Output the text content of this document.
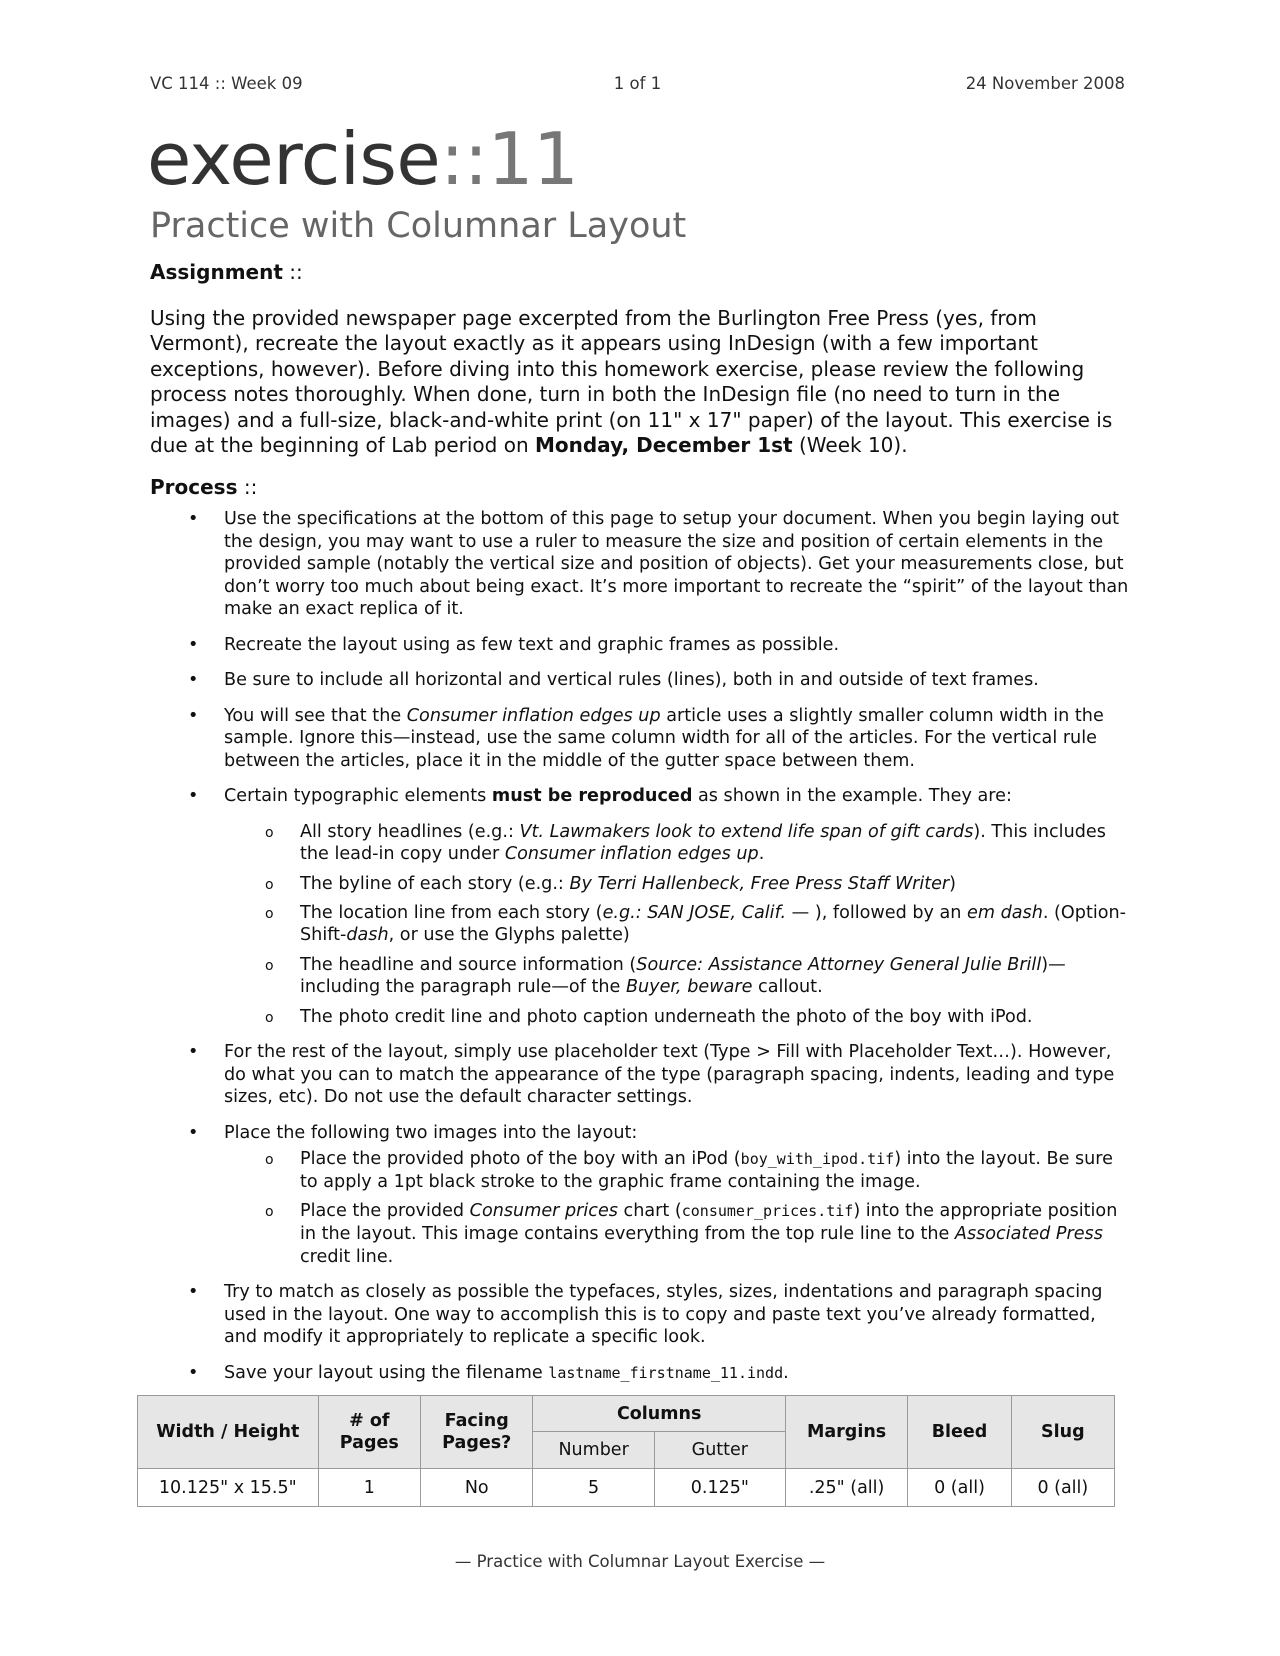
VC 114 :: Week 09	1 of 1	24 November 2008
exercise::11
Practice with Columnar Layout
Assignment ::
Using the provided newspaper page excerpted from the Burlington Free Press (yes, from Vermont), recreate the layout exactly as it appears using InDesign (with a few important exceptions, however). Before diving into this homework exercise, please review the following process notes thoroughly. When done, turn in both the InDesign file (no need to turn in the images) and a full-size, black-and-white print (on 11" x 17" paper) of the layout. This exercise is due at the beginning of Lab period on Monday, December 1st (Week 10).
Process ::
• Use the specifications at the bottom of this page to setup your document. When you begin laying out the design, you may want to use a ruler to measure the size and position of certain elements in the provided sample (notably the vertical size and position of objects). Get your measurements close, but don’t worry too much about being exact. It’s more important to recreate the “spirit” of the layout than make an exact replica of it.
• Recreate the layout using as few text and graphic frames as possible.
• Be sure to include all horizontal and vertical rules (lines), both in and outside of text frames.
• You will see that the Consumer inflation edges up article uses a slightly smaller column width in the sample. Ignore this—instead, use the same column width for all of the articles. For the vertical rule between the articles, place it in the middle of the gutter space between them.
• Certain typographic elements must be reproduced as shown in the example. They are:
o All story headlines (e.g.: Vt. Lawmakers look to extend life span of gift cards). This includes the lead-in copy under Consumer inflation edges up.
o The byline of each story (e.g.: By Terri Hallenbeck, Free Press Staff Writer)
o The location line from each story (e.g.: SAN JOSE, Calif. — ), followed by an em dash. (Option-Shift-dash, or use the Glyphs palette)
o The headline and source information (Source: Assistance Attorney General Julie Brill)—including the paragraph rule—of the Buyer, beware callout.
o The photo credit line and photo caption underneath the photo of the boy with iPod.
• For the rest of the layout, simply use placeholder text (Type > Fill with Placeholder Text…). However, do what you can to match the appearance of the type (paragraph spacing, indents, leading and type sizes, etc). Do not use the default character settings.
• Place the following two images into the layout:
o Place the provided photo of the boy with an iPod (boy_with_ipod.tif) into the layout. Be sure to apply a 1pt black stroke to the graphic frame containing the image.
o Place the provided Consumer prices chart (consumer_prices.tif) into the appropriate position in the layout. This image contains everything from the top rule line to the Associated Press credit line.
• Try to match as closely as possible the typefaces, styles, sizes, indentations and paragraph spacing used in the layout. One way to accomplish this is to copy and paste text you’ve already formatted, and modify it appropriately to replicate a specific look.
• Save your layout using the filename lastname_firstname_11.indd.
Width / Height	# of Pages	Facing Pages?	Columns		Margins	Bleed	Slug
			Number	Gutter			
10.125" x 15.5"	1	No	5	0.125"	.25" (all)	0 (all)	0 (all)
— Practice with Columnar Layout Exercise —
